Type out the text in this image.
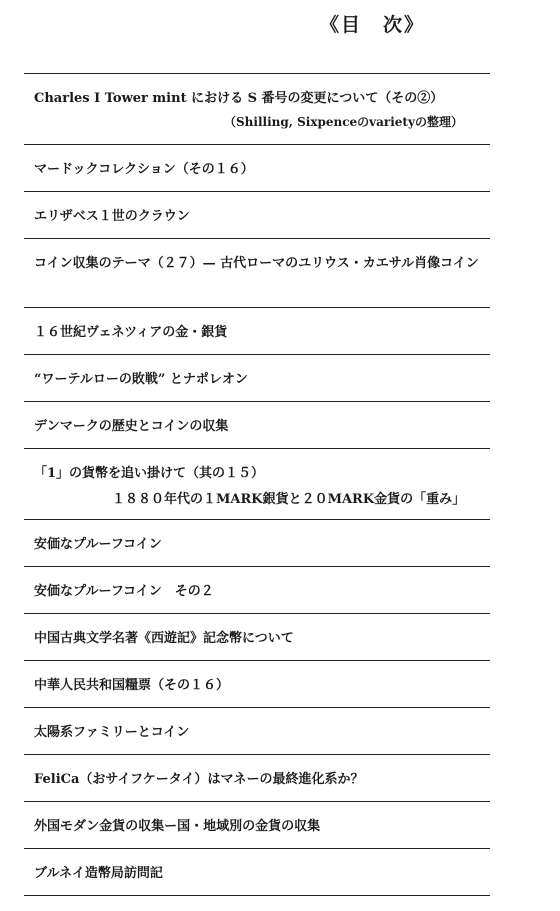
《目　次》
Charles I Tower mint における S 番号の変更について（その②）
（Shilling, Sixpenceのvarietyの整理）
マードックコレクション（その１６）
エリザベス１世のクラウン
コイン収集のテーマ（２７）— 古代ローマのユリウス・カエサル肖像コイン
１６世紀ヴェネツィアの金・銀貨
“ワーテルローの敗戦” とナポレオン
デンマークの歴史とコインの収集
「1」の貨幣を追い掛けて（其の１５）
１８８０年代の１MARK銀貨と２０MARK金貨の「重み」
安価なプルーフコイン
安価なプルーフコイン　その２
中国古典文学名著《西遊記》記念幣について
中華人民共和国糧票（その１６）
太陽系ファミリーとコイン
FeliCa（おサイフケータイ）はマネーの最終進化系か？
外国モダン金貨の収集ー国・地域別の金貨の収集
ブルネイ造幣局訪問記
